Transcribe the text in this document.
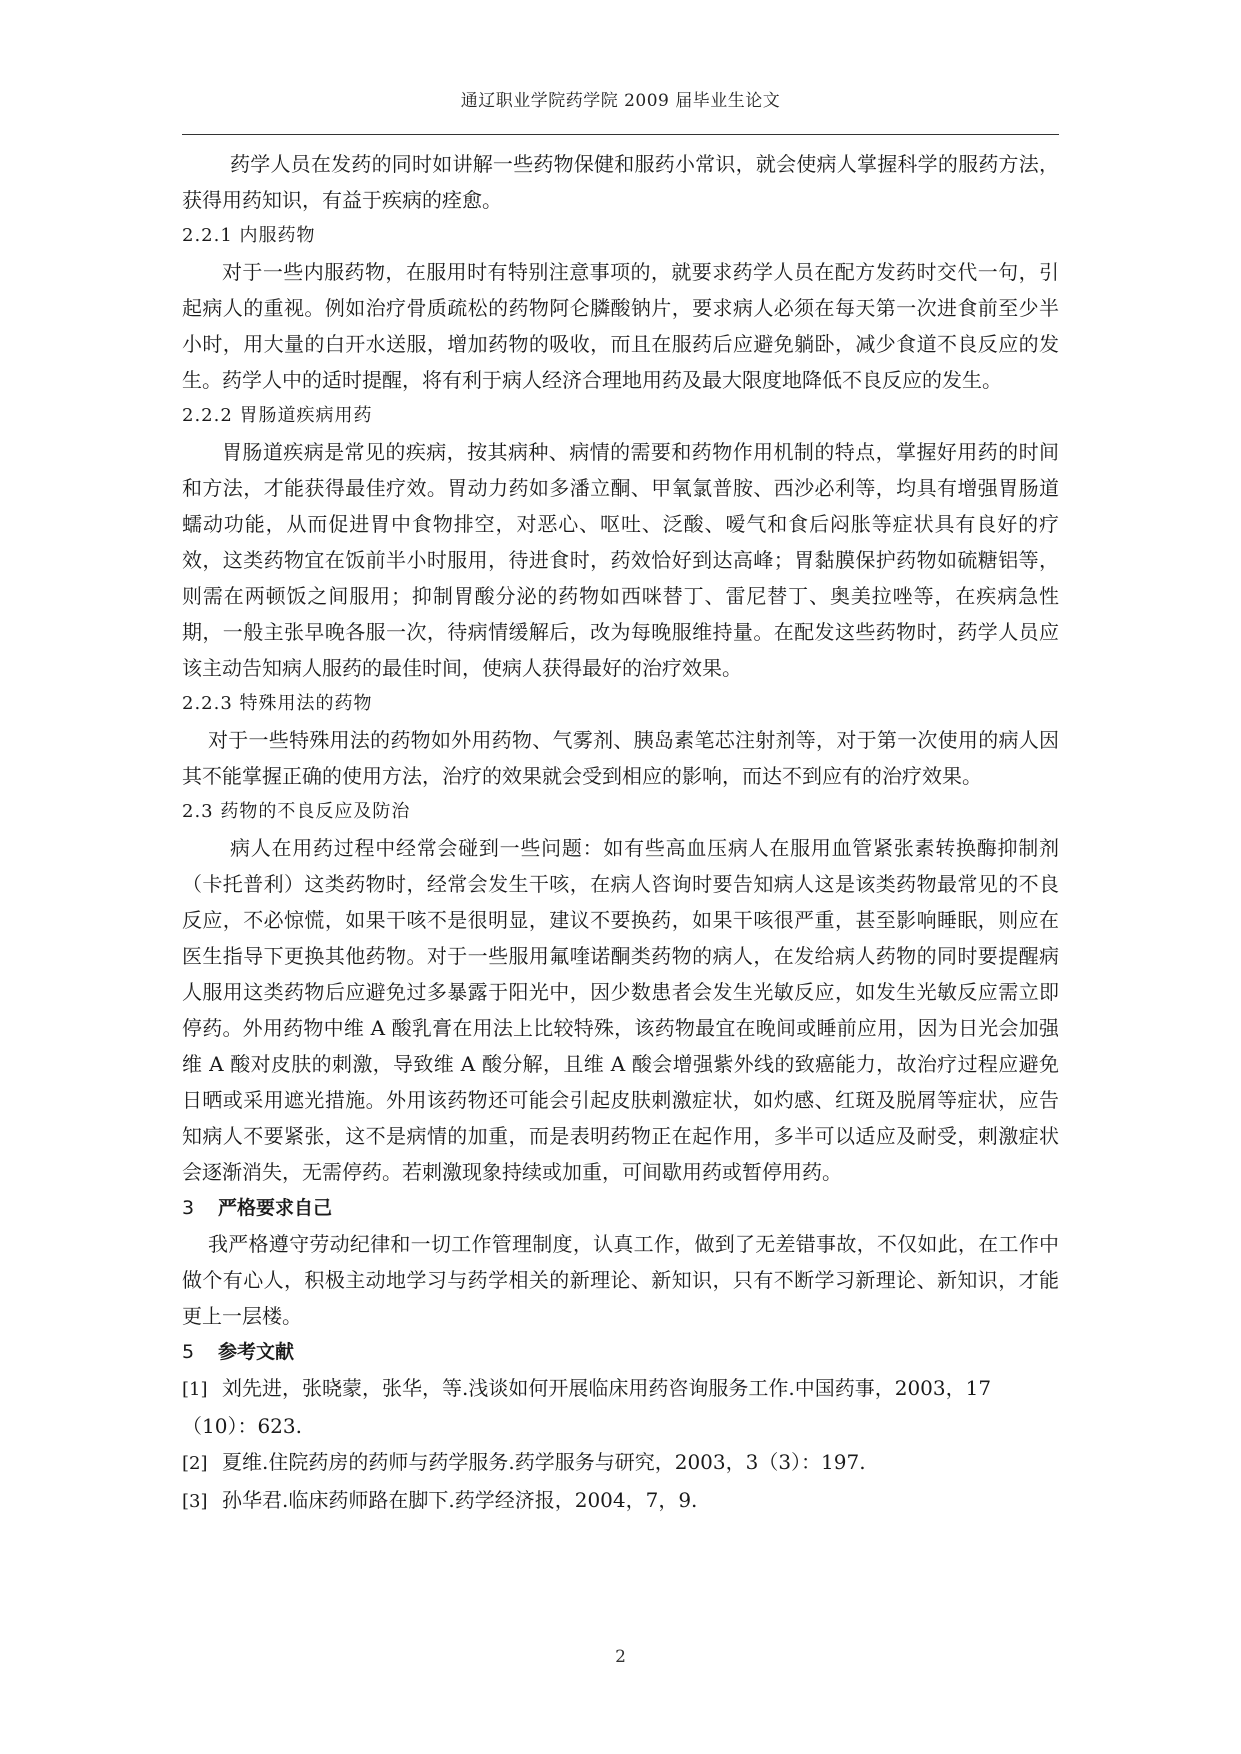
通辽职业学院药学院 2009 届毕业生论文

药学人员在发药的同时如讲解一些药物保健和服药小常识，就会使病人掌握科学的服药方法，获得用药知识，有益于疾病的痊愈。

2.2.1 内服药物

对于一些内服药物，在服用时有特别注意事项的，就要求药学人员在配方发药时交代一句，引起病人的重视。例如治疗骨质疏松的药物阿仑膦酸钠片，要求病人必须在每天第一次进食前至少半小时，用大量的白开水送服，增加药物的吸收，而且在服药后应避免躺卧，减少食道不良反应的发生。药学人中的适时提醒，将有利于病人经济合理地用药及最大限度地降低不良反应的发生。

2.2.2 胃肠道疾病用药

胃肠道疾病是常见的疾病，按其病种、病情的需要和药物作用机制的特点，掌握好用药的时间和方法，才能获得最佳疗效。胃动力药如多潘立酮、甲氧氯普胺、西沙必利等，均具有增强胃肠道蠕动功能，从而促进胃中食物排空，对恶心、呕吐、泛酸、嗳气和食后闷胀等症状具有良好的疗效，这类药物宜在饭前半小时服用，待进食时，药效恰好到达高峰；胃黏膜保护药物如硫糖铝等，则需在两顿饭之间服用；抑制胃酸分泌的药物如西咪替丁、雷尼替丁、奥美拉唑等，在疾病急性期，一般主张早晚各服一次，待病情缓解后，改为每晚服维持量。在配发这些药物时，药学人员应该主动告知病人服药的最佳时间，使病人获得最好的治疗效果。

2.2.3 特殊用法的药物

对于一些特殊用法的药物如外用药物、气雾剂、胰岛素笔芯注射剂等，对于第一次使用的病人因其不能掌握正确的使用方法，治疗的效果就会受到相应的影响，而达不到应有的治疗效果。

2.3 药物的不良反应及防治

病人在用药过程中经常会碰到一些问题：如有些高血压病人在服用血管紧张素转换酶抑制剂（卡托普利）这类药物时，经常会发生干咳，在病人咨询时要告知病人这是该类药物最常见的不良反应，不必惊慌，如果干咳不是很明显，建议不要换药，如果干咳很严重，甚至影响睡眠，则应在医生指导下更换其他药物。对于一些服用氟喹诺酮类药物的病人，在发给病人药物的同时要提醒病人服用这类药物后应避免过多暴露于阳光中，因少数患者会发生光敏反应，如发生光敏反应需立即停药。外用药物中维 A 酸乳膏在用法上比较特殊，该药物最宜在晚间或睡前应用，因为日光会加强维 A 酸对皮肤的刺激，导致维 A 酸分解，且维 A 酸会增强紫外线的致癌能力，故治疗过程应避免日晒或采用遮光措施。外用该药物还可能会引起皮肤刺激症状，如灼感、红斑及脱屑等症状，应告知病人不要紧张，这不是病情的加重，而是表明药物正在起作用，多半可以适应及耐受，刺激症状会逐渐消失，无需停药。若刺激现象持续或加重，可间歇用药或暂停用药。

3 严格要求自己

我严格遵守劳动纪律和一切工作管理制度，认真工作，做到了无差错事故，不仅如此，在工作中做个有心人，积极主动地学习与药学相关的新理论、新知识，只有不断学习新理论、新知识，才能更上一层楼。

5 参考文献

[1] 刘先进，张晓蒙，张华，等.浅谈如何开展临床用药咨询服务工作.中国药事，2003，17

（10）：623.

[2] 夏维.住院药房的药师与药学服务.药学服务与研究，2003，3（3）：197.

[3] 孙华君.临床药师路在脚下.药学经济报，2004，7，9.

2
